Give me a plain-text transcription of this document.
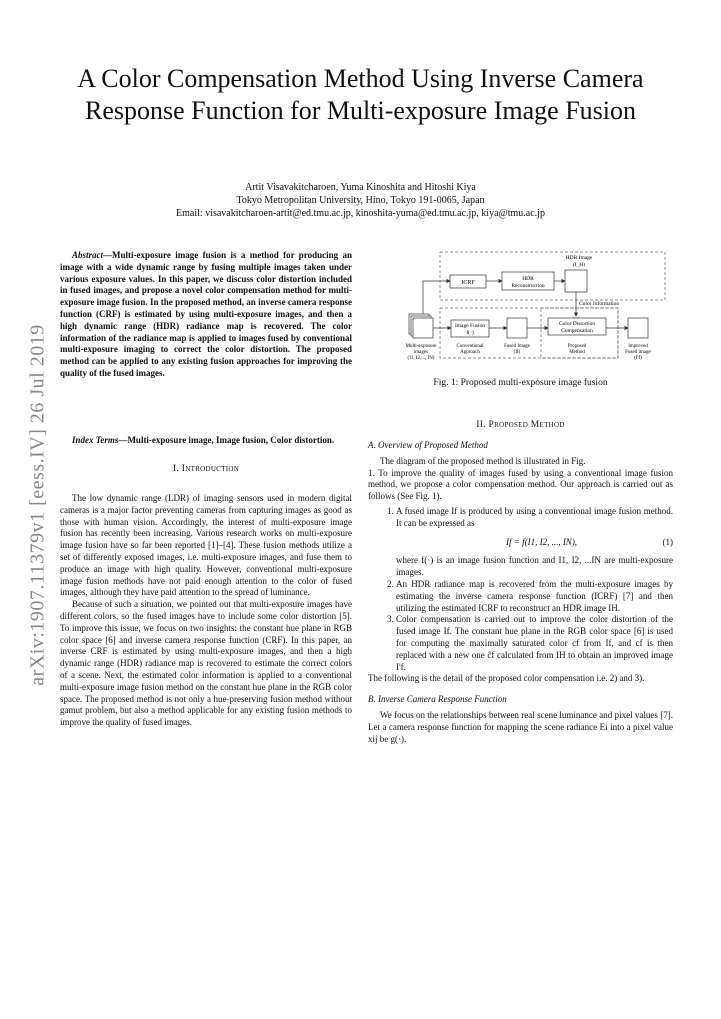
A Color Compensation Method Using Inverse Camera Response Function for Multi-exposure Image Fusion
Artit Visavakitcharoen, Yuma Kinoshita and Hitoshi Kiya
Tokyo Metropolitan University, Hino, Tokyo 191-0065, Japan
Email: visavakitcharoen-artit@ed.tmu.ac.jp, kinoshita-yuma@ed.tmu.ac.jp, kiya@tmu.ac.jp
arXiv:1907.11379v1 [eess.IV] 26 Jul 2019

Abstract—Multi-exposure image fusion is a method for producing an image with a wide dynamic range by fusing multiple images taken under various exposure values. In this paper, we discuss color distortion included in fused images, and propose a novel color compensation method for multi-exposure image fusion. In the proposed method, an inverse camera response function (CRF) is estimated by using multi-exposure images, and then a high dynamic range (HDR) radiance map is recovered. The color information of the radiance map is applied to images fused by conventional multi-exposure imaging to correct the color distortion. The proposed method can be applied to any existing fusion approaches for improving the quality of the fused images.

Index Terms—Multi-exposure image, Image fusion, Color distortion.

I. Introduction

The low dynamic range (LDR) of imaging sensors used in modern digital cameras is a major factor preventing cameras from capturing images as good as those with human vision. Accordingly, the interest of multi-exposure image fusion has recently been increasing. Various research works on multi-exposure image fusion have so far been reported [1]–[4]. These fusion methods utilize a set of differently exposed images, i.e. multi-exposure images, and fuse them to produce an image with high quality. However, conventional multi-exposure image fusion methods have not paid enough attention to the color of fused images, although they have paid attention to the spread of luminance.

Because of such a situation, we pointed out that multi-exposure images have different colors, so the fused images have to include some color distortion [5]. To improve this issue, we focus on two insights: the constant hue plane in RGB color space [6] and inverse camera response function (CRF). In this paper, an inverse CRF is estimated by using multi-exposure images, and then a high dynamic range (HDR) radiance map is recovered to estimate the correct colors of a scene. Next, the estimated color information is applied to a conventional multi-exposure image fusion method on the constant hue plane in the RGB color space. The proposed method is not only a hue-preserving fusion method without gamut problem, but also a method applicable for any existing fusion methods to improve the quality of fused images.

HDR Image
(I_H)
ICRF
HDR
Reconstruction
Color Information
Image Fusion
f(·)
Color Distortion
Compensation
Multi-exposure
images
(I1, I2,..., IN)
Conventional
Approach
Fused Image
(If)
Proposed
Method
Improved
Fused image
(I'f)
Fig. 1: Proposed multi-exposure image fusion
II. Proposed Method
A. Overview of Proposed Method

The diagram of the proposed method is illustrated in Fig.

1. To improve the quality of images fused by using a conventional image fusion method, we propose a color compensation method. Our approach is carried out as follows (See Fig. 1).

1. A fused image If is produced by using a conventional image fusion method. It can be expressed as
If = f(I1, I2, ..., IN),	(1)
where f(·) is an image fusion function and I1, I2, ...IN are multi-exposure images.
2. An HDR radiance map is recovered from the multi-exposure images by estimating the inverse camera response function (ICRF) [7] and then utilizing the estimated ICRF to reconstruct an HDR image IH.
3. Color compensation is carried out to improve the color distortion of the fused image If. The constant hue plane in the RGB color space [6] is used for computing the maximally saturated color cf from If, and cf is then replaced with a new one ĉf calculated from IH to obtain an improved image I'f.

The following is the detail of the proposed color compensation i.e. 2) and 3).

B. Inverse Camera Response Function

We focus on the relationships between real scene luminance and pixel values [7]. Let a camera response function for mapping the scene radiance Ei into a pixel value xij be g(·).
